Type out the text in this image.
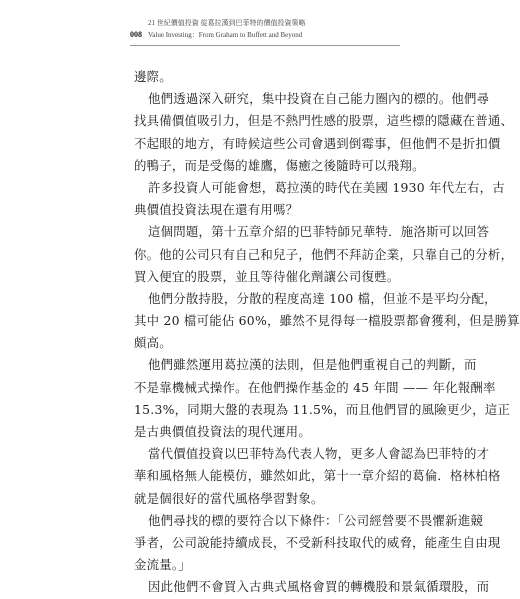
21 世紀價值投資 從葛拉漢到巴菲特的價值投資策略
008 Value Investing：From Graham to Buffett and Beyond
邊際。
他們透過深入研究，集中投資在自己能力圈內的標的。他們尋
找具備價值吸引力，但是不熱門性感的股票，這些標的隱藏在普通、
不起眼的地方，有時候這些公司會遇到倒霉事，但他們不是折扣價
的鴨子，而是受傷的雄鷹，傷癒之後隨時可以飛翔。
許多投資人可能會想，葛拉漢的時代在美國 1930 年代左右，古
典價值投資法現在還有用嗎？
這個問題，第十五章介紹的巴菲特師兄華特．施洛斯可以回答
你。他的公司只有自己和兒子，他們不拜訪企業，只靠自己的分析，
買入便宜的股票，並且等待催化劑讓公司復甦。
他們分散持股，分散的程度高達 100 檔，但並不是平均分配，
其中 20 檔可能佔 60%，雖然不見得每一檔股票都會獲利，但是勝算
頗高。
他們雖然運用葛拉漢的法則，但是他們重視自己的判斷，而
不是靠機械式操作。在他們操作基金的 45 年間 —— 年化報酬率
15.3%，同期大盤的表現為 11.5%，而且他們冒的風險更少，這正
是古典價值投資法的現代運用。
當代價值投資以巴菲特為代表人物，更多人會認為巴菲特的才
華和風格無人能模仿，雖然如此，第十一章介紹的葛倫．格林柏格
就是個很好的當代風格學習對象。
他們尋找的標的要符合以下條件：「公司經營要不畏懼新進競
爭者，公司說能持續成長，不受新科技取代的威脅，能產生自由現
金流量。」
因此他們不會買入古典式風格會買的轉機股和景氣循環股，而
